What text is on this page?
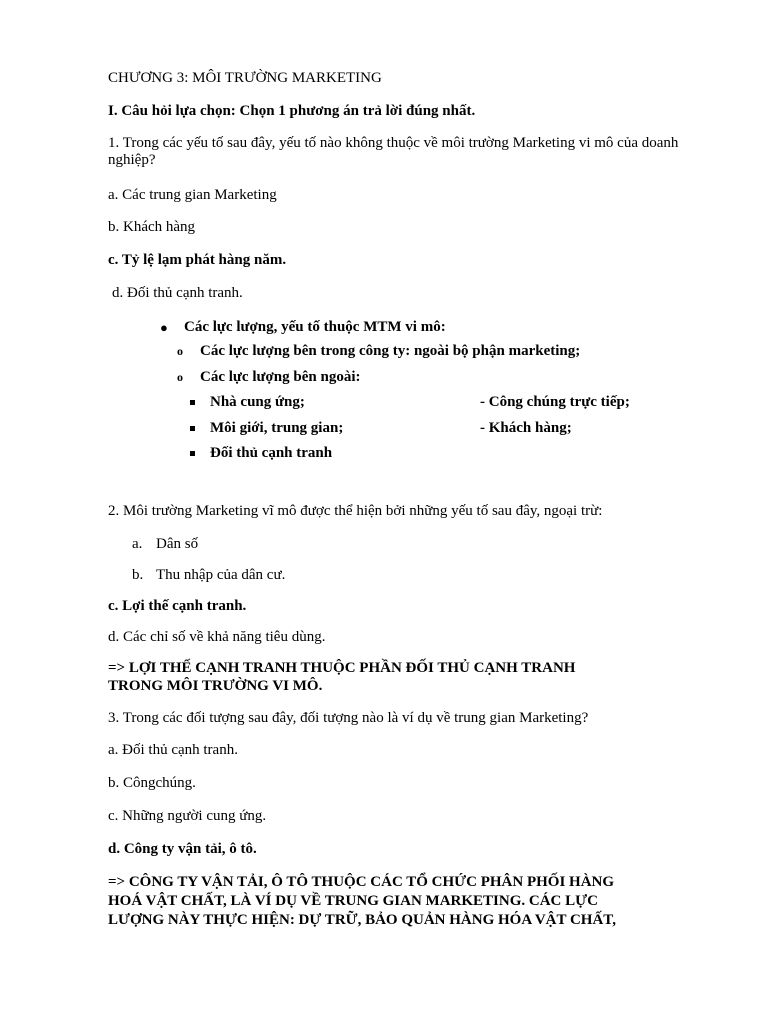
CHƯƠNG 3: MÔI TRƯỜNG MARKETING
I. Câu hỏi lựa chọn: Chọn 1 phương án trả lời đúng nhất.
1. Trong các yếu tố sau đây, yếu tố nào không thuộc về môi trường Marketing vi mô của doanh nghiệp?
a. Các trung gian Marketing
b. Khách hàng
c. Tỷ lệ lạm phát hàng năm.
d. Đối thủ cạnh tranh.
● Các lực lượng, yếu tố thuộc MTM vi mô:
o Các lực lượng bên trong công ty: ngoài bộ phận marketing;
o Các lực lượng bên ngoài:
Nhà cung ứng;	- Công chúng trực tiếp;
Môi giới, trung gian;	- Khách hàng;
Đối thủ cạnh tranh
2. Môi trường Marketing vĩ mô được thể hiện bởi những yếu tố sau đây, ngoại trừ:
a. Dân số
b. Thu nhập của dân cư.
c. Lợi thế cạnh tranh.
d. Các chỉ số về khả năng tiêu dùng.
=> LỢI THẾ CẠNH TRANH THUỘC PHẦN ĐỐI THỦ CẠNH TRANH
TRONG MÔI TRƯỜNG VI MÔ.
3. Trong các đối tượng sau đây, đối tượng nào là ví dụ về trung gian Marketing?
a. Đối thủ cạnh tranh.
b. Côngchúng.
c. Những người cung ứng.
d. Công ty vận tải, ô tô.
=> CÔNG TY VẬN TẢI, Ô TÔ THUỘC CÁC TỔ CHỨC PHÂN PHỐI HÀNG
HOÁ VẬT CHẤT, LÀ VÍ DỤ VỀ TRUNG GIAN MARKETING. CÁC LỰC
LƯỢNG NÀY THỰC HIỆN: DỰ TRỮ, BẢO QUẢN HÀNG HÓA VẬT CHẤT,
